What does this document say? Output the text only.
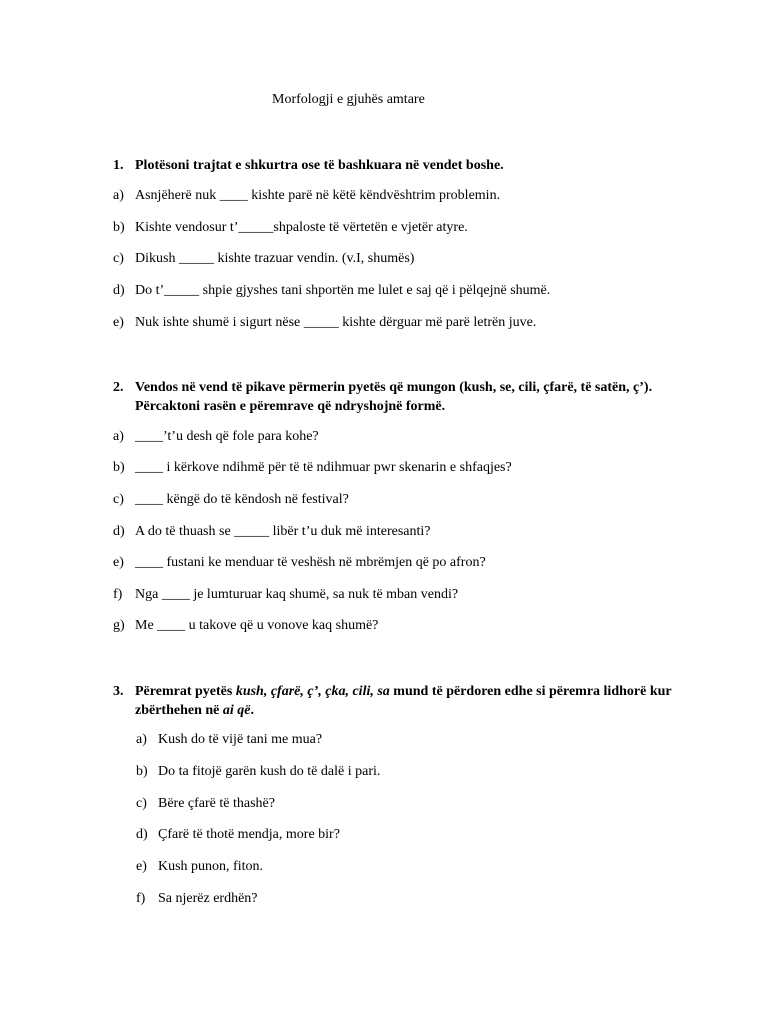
Morfologji e gjuhës amtare
1. Plotësoni trajtat e shkurtra ose të bashkuara në vendet boshe.
a) Asnjëherë nuk ____ kishte parë në këtë këndvështrim problemin.
b) Kishte vendosur t’_____shpaloste të vërtetën e vjetër atyre.
c) Dikush _____ kishte trazuar vendin. (v.I, shumës)
d) Do t’_____ shpie gjyshes tani shportën me lulet e saj që i pëlqejnë shumë.
e) Nuk ishte shumë i sigurt nëse _____ kishte dërguar më parë letrën juve.
2. Vendos në vend të pikave përmerin pyetës që mungon (kush, se, cili, çfarë, të satën, ç’).
Përcaktoni rasën e përemrave që ndryshojnë formë.
a) ____’t’u desh që fole para kohe?
b) ____ i kërkove ndihmë për të të ndihmuar pwr skenarin e shfaqjes?
c) ____ këngë do të këndosh në festival?
d) A do të thuash se _____ libër t’u duk më interesanti?
e) ____ fustani ke menduar të veshësh në mbrëmjen që po afron?
f) Nga ____ je lumturuar kaq shumë, sa nuk të mban vendi?
g) Me ____ u takove që u vonove kaq shumë?
3. Përemrat pyetës kush, çfarë, ç’, çka, cili, sa mund të përdoren edhe si përemra lidhorë kur
zbërthehen në ai që.
a) Kush do të vijë tani me mua?
b) Do ta fitojë garën kush do të dalë i pari.
c) Bëre çfarë të thashë?
d) Çfarë të thotë mendja, more bir?
e) Kush punon, fiton.
f) Sa njerëz erdhën?
